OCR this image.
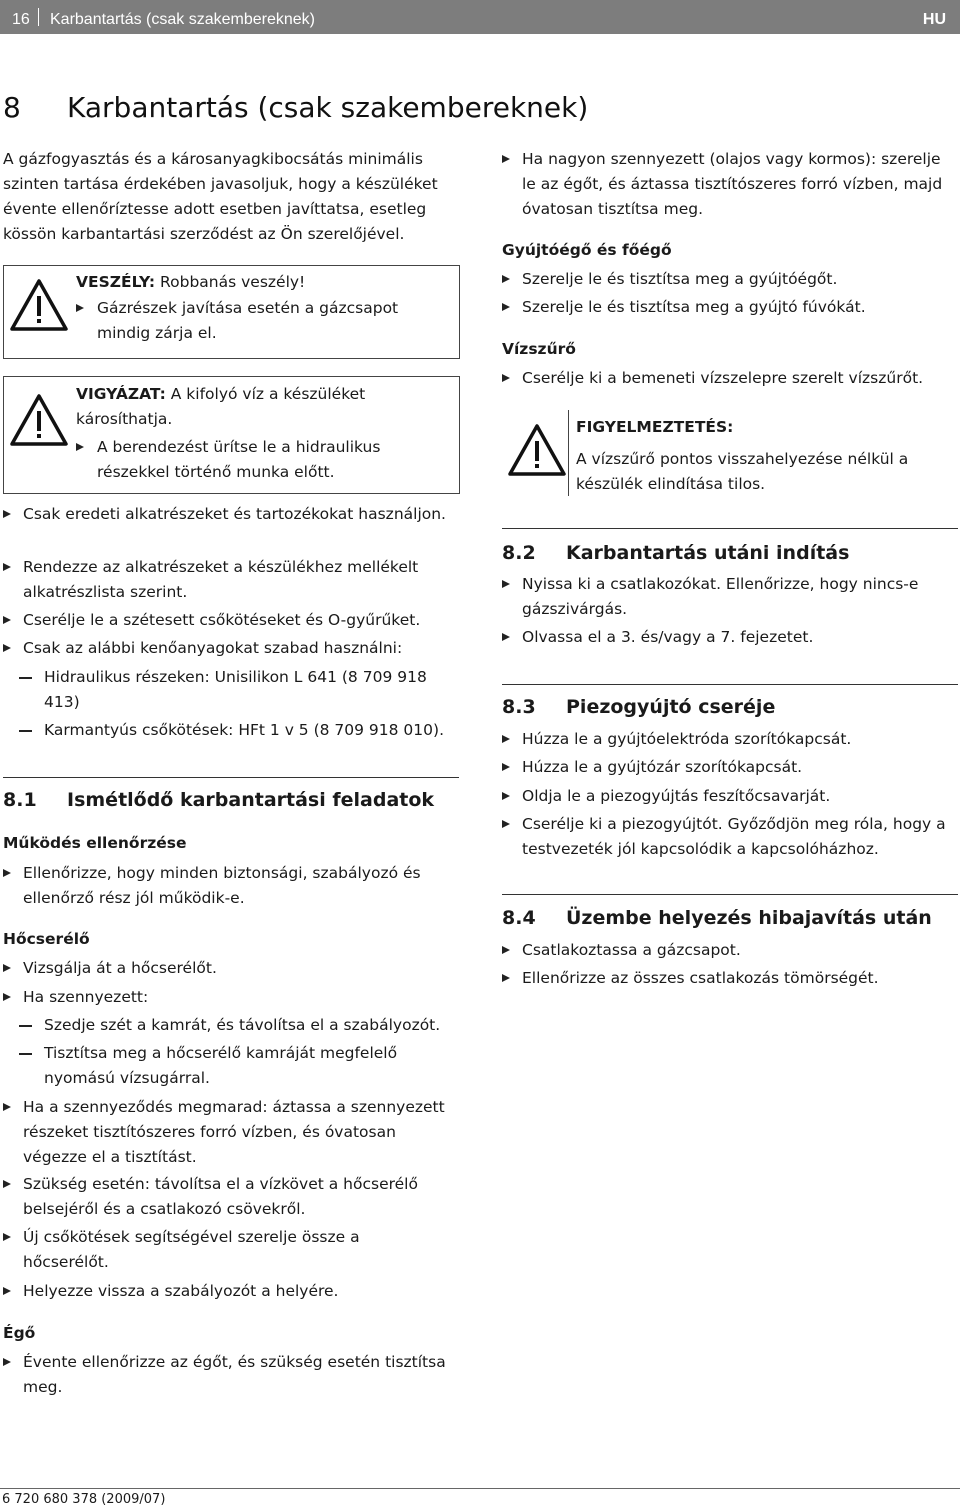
16 Karbantartás (csak szakembereknek)	HU
8 Karbantartás (csak szakembereknek)

A gázfogyasztás és a károsanyagkibocsátás minimális szinten tartása érdekében javasoljuk, hogy a készüléket évente ellenőríztesse adott esetben javíttatsa, esetleg kössön karbantartási szerződést az Ön szerelőjével.

VESZÉLY: Robbanás veszély!

Gázrészek javítása esetén a gázcsapot mindig zárja el.

VIGYÁZAT: A kifolyó víz a készüléket károsíthatja.

A berendezést ürítse le a hidraulikus részekkel történő munka előtt.

Csak eredeti alkatrészeket és tartozékokat használjon.

Rendezze az alkatrészeket a készülékhez mellékelt alkatrészlista szerint.

Cserélje le a szétesett csőkötéseket és O-gyűrűket.

Csak az alábbi kenőanyagokat szabad használni:

Hidraulikus részeken: Unisilikon L 641 (8 709 918 413)

Karmantyús csőkötések: HFt 1 v 5 (8 709 918 010).

8.1 Ismétlődő karbantartási feladatok

Működés ellenőrzése

Ellenőrizze, hogy minden biztonsági, szabályozó és ellenőrző rész jól működik-e.

Hőcserélő

Vizsgálja át a hőcserélőt.

Ha szennyezett:

Szedje szét a kamrát, és távolítsa el a szabályozót.

Tisztítsa meg a hőcserélő kamráját megfelelő nyomású vízsugárral.

Ha a szennyeződés megmarad: áztassa a szennyezett részeket tisztítószeres forró vízben, és óvatosan végezze el a tisztítást.

Szükség esetén: távolítsa el a vízkövet a hőcserélő belsejéről és a csatlakozó csövekről.

Új csőkötések segítségével szerelje össze a hőcserélőt.

Helyezze vissza a szabályozót a helyére.

Égő

Évente ellenőrizze az égőt, és szükség esetén tisztítsa meg.

Ha nagyon szennyezett (olajos vagy kormos): szerelje le az égőt, és áztassa tisztítószeres forró vízben, majd óvatosan tisztítsa meg.

Gyújtóégő és főégő

Szerelje le és tisztítsa meg a gyújtóégőt.

Szerelje le és tisztítsa meg a gyújtó fúvókát.

Vízszűrő

Cserélje ki a bemeneti vízszelepre szerelt vízszűrőt.

FIGYELMEZTETÉS:

A vízszűrő pontos visszahelyezése nélkül a készülék elindítása tilos.

8.2 Karbantartás utáni indítás

Nyissa ki a csatlakozókat. Ellenőrizze, hogy nincs-e gázszivárgás.

Olvassa el a 3. és/vagy a 7. fejezetet.

8.3 Piezogyújtó cseréje

Húzza le a gyújtóelektróda szorítókapcsát.

Húzza le a gyújtózár szorítókapcsát.

Oldja le a piezogyújtás feszítőcsavarját.

Cserélje ki a piezogyújtót. Győződjön meg róla, hogy a testvezeték jól kapcsolódik a kapcsolóházhoz.

8.4 Üzembe helyezés hibajavítás után

Csatlakoztassa a gázcsapot.

Ellenőrizze az összes csatlakozás tömörségét.

6 720 680 378 (2009/07)
